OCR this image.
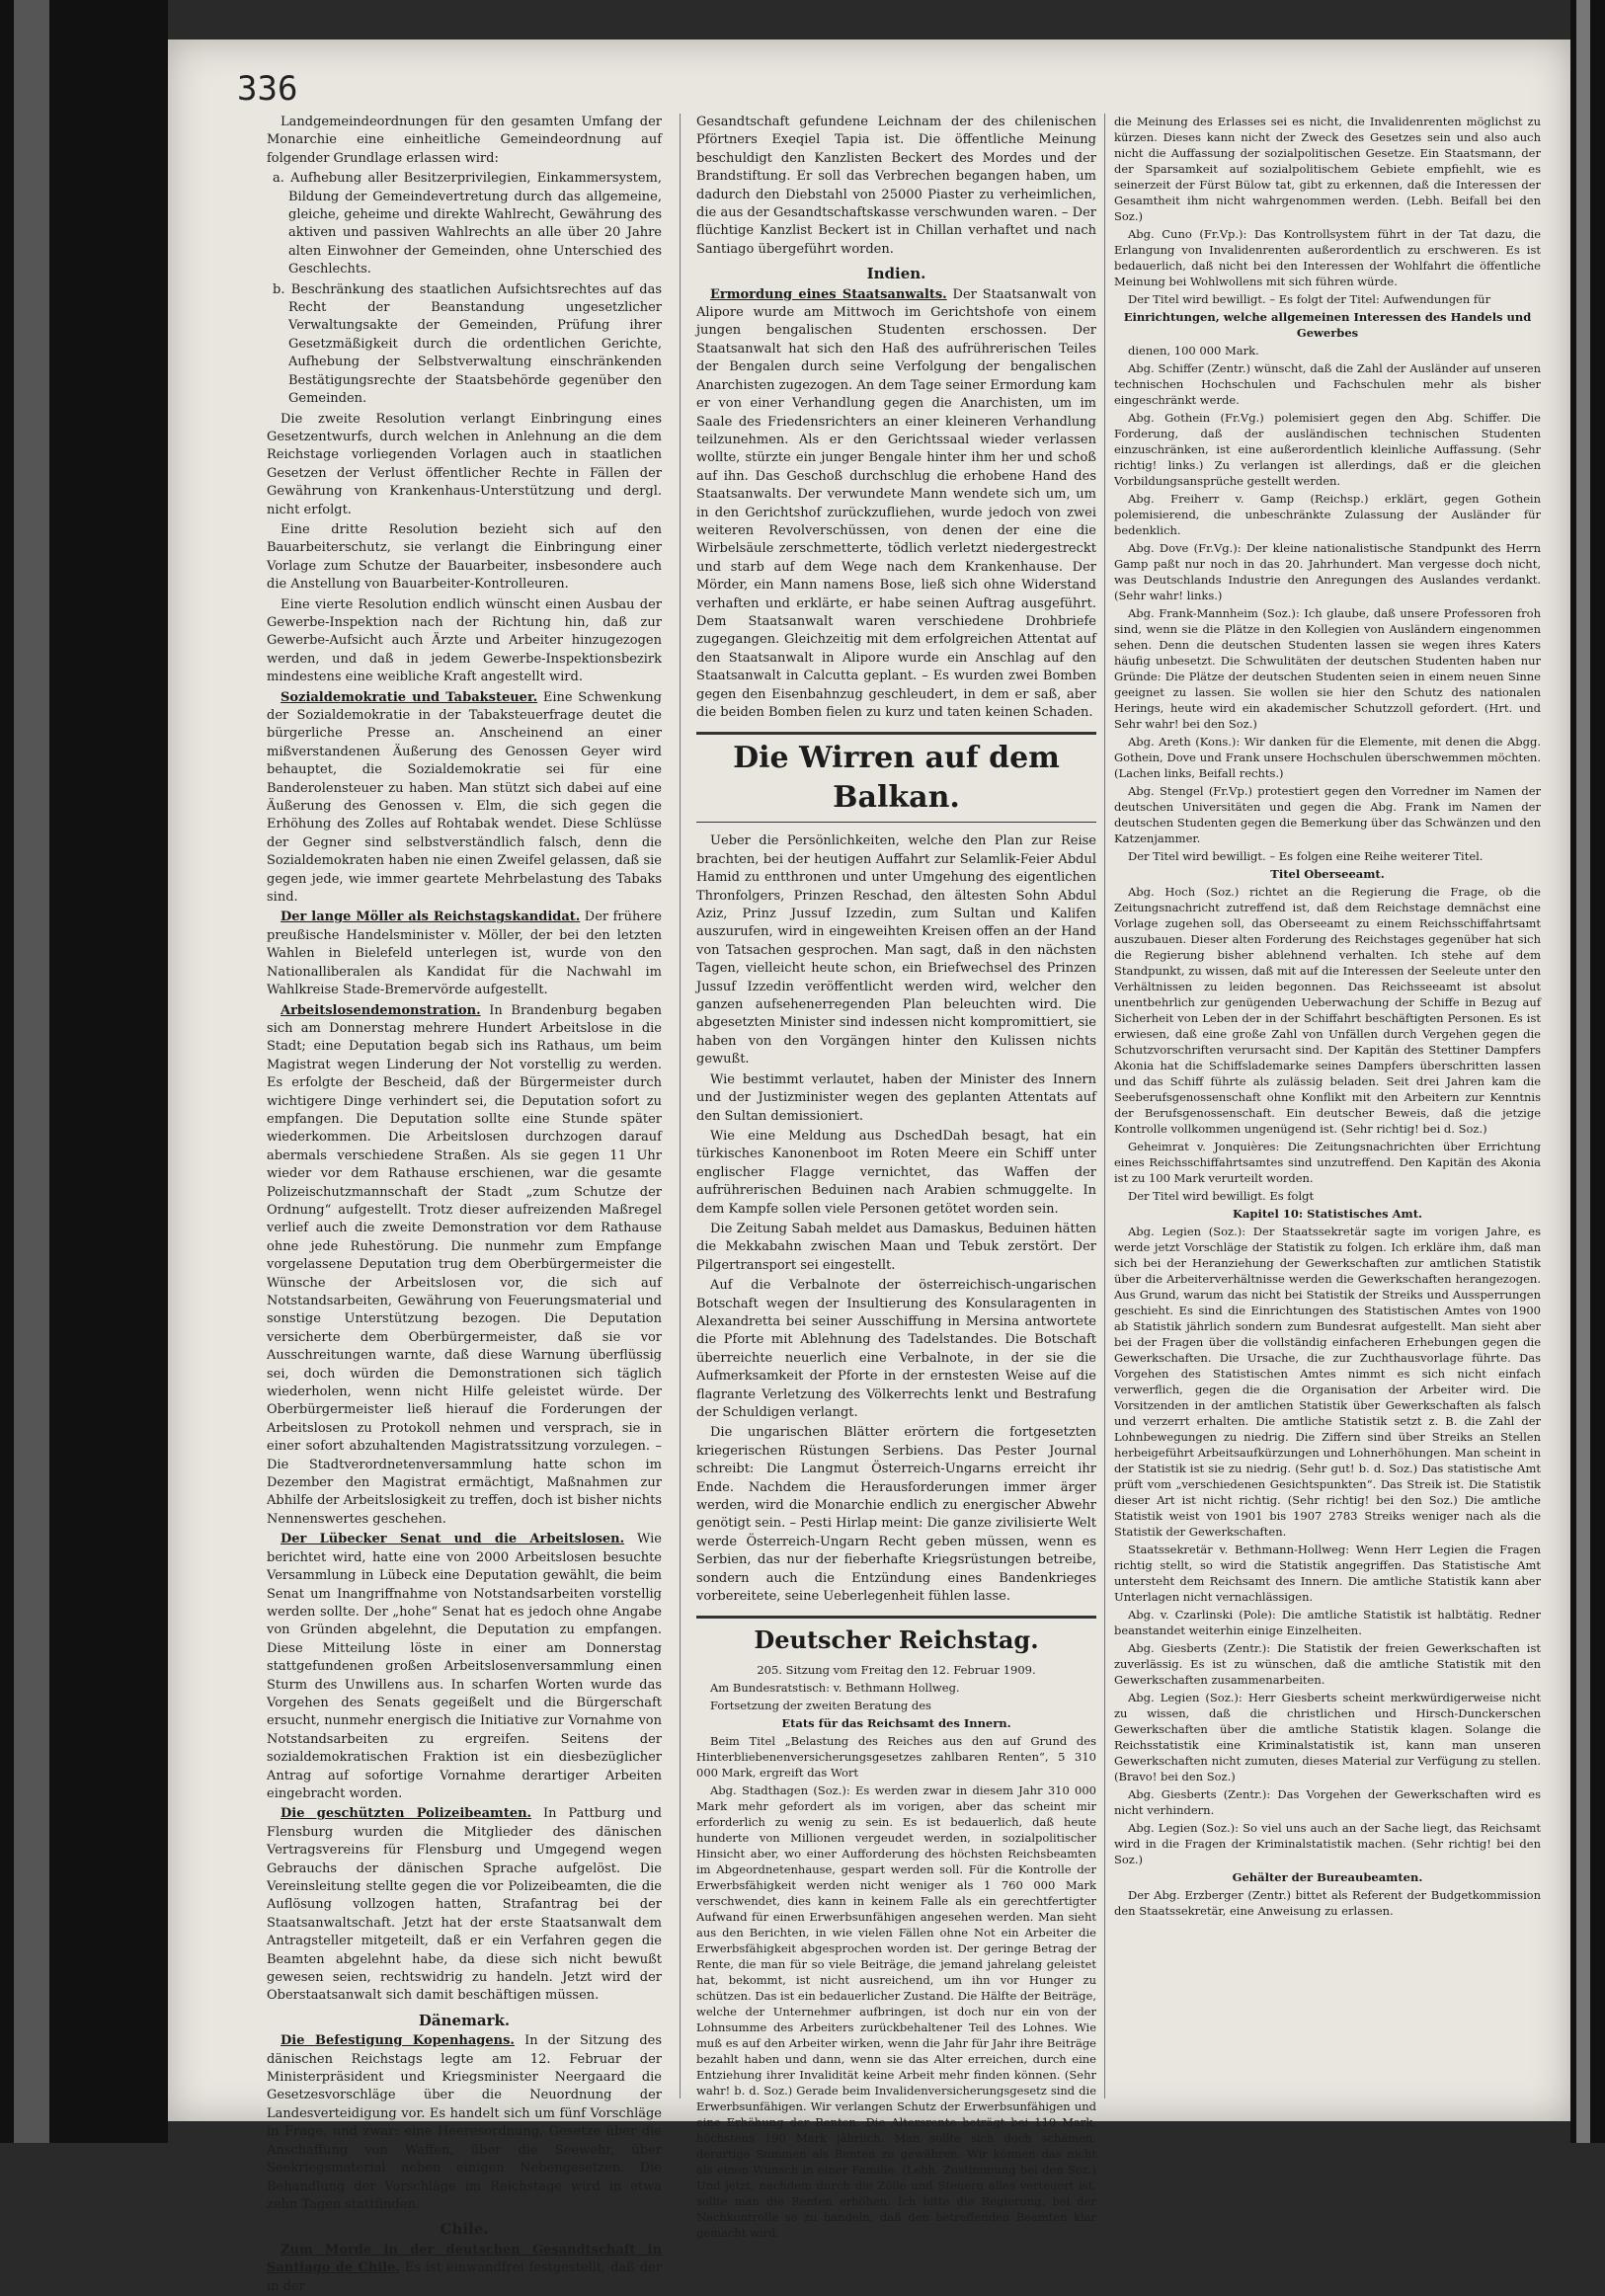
336

Landgemeindeordnungen für den gesamten Umfang der Monarchie eine einheitliche Gemeindeordnung auf folgender Grundlage erlassen wird:

a. Aufhebung aller Besitzerprivilegien, Einkammersystem, Bildung der Gemeindevertretung durch das allgemeine, gleiche, geheime und direkte Wahlrecht, Gewährung des aktiven und passiven Wahlrechts an alle über 20 Jahre alten Einwohner der Gemeinden, ohne Unterschied des Geschlechts.

b. Beschränkung des staatlichen Aufsichtsrechtes auf das Recht der Beanstandung ungesetzlicher Verwaltungsakte der Gemeinden, Prüfung ihrer Gesetzmäßigkeit durch die ordentlichen Gerichte, Aufhebung der Selbstverwaltung einschränkenden Bestätigungsrechte der Staatsbehörde gegenüber den Gemeinden.

Die zweite Resolution verlangt Einbringung eines Gesetzentwurfs, durch welchen in Anlehnung an die dem Reichstage vorliegenden Vorlagen auch in staatlichen Gesetzen der Verlust öffentlicher Rechte in Fällen der Gewährung von Krankenhaus-Unterstützung und dergl. nicht erfolgt.

Eine dritte Resolution bezieht sich auf den Bauarbeiterschutz, sie verlangt die Einbringung einer Vorlage zum Schutze der Bauarbeiter, insbesondere auch die Anstellung von Bauarbeiter-Kontrolleuren.

Eine vierte Resolution endlich wünscht einen Ausbau der Gewerbe-Inspektion nach der Richtung hin, daß zur Gewerbe-Aufsicht auch Ärzte und Arbeiter hinzugezogen werden, und daß in jedem Gewerbe-Inspektionsbezirk mindestens eine weibliche Kraft angestellt wird.

Sozialdemokratie und Tabaksteuer. Eine Schwenkung der Sozialdemokratie in der Tabaksteuerfrage deutet die bürgerliche Presse an. Anscheinend an einer mißverstandenen Äußerung des Genossen Geyer wird behauptet, die Sozialdemokratie sei für eine Banderolensteuer zu haben. Man stützt sich dabei auf eine Äußerung des Genossen v. Elm, die sich gegen die Erhöhung des Zolles auf Rohtabak wendet. Diese Schlüsse der Gegner sind selbstverständlich falsch, denn die Sozialdemokraten haben nie einen Zweifel gelassen, daß sie gegen jede, wie immer geartete Mehrbelastung des Tabaks sind.

Der lange Möller als Reichstagskandidat. Der frühere preußische Handelsminister v. Möller, der bei den letzten Wahlen in Bielefeld unterlegen ist, wurde von den Nationalliberalen als Kandidat für die Nachwahl im Wahlkreise Stade-Bremervörde aufgestellt.

Arbeitslosendemonstration. In Brandenburg begaben sich am Donnerstag mehrere Hundert Arbeitslose in die Stadt; eine Deputation begab sich ins Rathaus, um beim Magistrat wegen Linderung der Not vorstellig zu werden. Es erfolgte der Bescheid, daß der Bürgermeister durch wichtigere Dinge verhindert sei, die Deputation sofort zu empfangen. Die Deputation sollte eine Stunde später wiederkommen. Die Arbeitslosen durchzogen darauf abermals verschiedene Straßen. Als sie gegen 11 Uhr wieder vor dem Rathause erschienen, war die gesamte Polizeischutzmannschaft der Stadt „zum Schutze der Ordnung“ aufgestellt. Trotz dieser aufreizenden Maßregel verlief auch die zweite Demonstration vor dem Rathause ohne jede Ruhestörung. Die nunmehr zum Empfange vorgelassene Deputation trug dem Oberbürgermeister die Wünsche der Arbeitslosen vor, die sich auf Notstandsarbeiten, Gewährung von Feuerungsmaterial und sonstige Unterstützung bezogen. Die Deputation versicherte dem Oberbürgermeister, daß sie vor Ausschreitungen warnte, daß diese Warnung überflüssig sei, doch würden die Demonstrationen sich täglich wiederholen, wenn nicht Hilfe geleistet würde. Der Oberbürgermeister ließ hierauf die Forderungen der Arbeitslosen zu Protokoll nehmen und versprach, sie in einer sofort abzuhaltenden Magistratssitzung vorzulegen. – Die Stadtverordnetenversammlung hatte schon im Dezember den Magistrat ermächtigt, Maßnahmen zur Abhilfe der Arbeitslosigkeit zu treffen, doch ist bisher nichts Nennenswertes geschehen.

Der Lübecker Senat und die Arbeitslosen. Wie berichtet wird, hatte eine von 2000 Arbeitslosen besuchte Versammlung in Lübeck eine Deputation gewählt, die beim Senat um Inangriffnahme von Notstandsarbeiten vorstellig werden sollte. Der „hohe“ Senat hat es jedoch ohne Angabe von Gründen abgelehnt, die Deputation zu empfangen. Diese Mitteilung löste in einer am Donnerstag stattgefundenen großen Arbeitslosenversammlung einen Sturm des Unwillens aus. In scharfen Worten wurde das Vorgehen des Senats gegeißelt und die Bürgerschaft ersucht, nunmehr energisch die Initiative zur Vornahme von Notstandsarbeiten zu ergreifen. Seitens der sozialdemokratischen Fraktion ist ein diesbezüglicher Antrag auf sofortige Vornahme derartiger Arbeiten eingebracht worden.

Die geschützten Polizeibeamten. In Pattburg und Flensburg wurden die Mitglieder des dänischen Vertragsvereins für Flensburg und Umgegend wegen Gebrauchs der dänischen Sprache aufgelöst. Die Vereinsleitung stellte gegen die vor Polizeibeamten, die die Auflösung vollzogen hatten, Strafantrag bei der Staatsanwaltschaft. Jetzt hat der erste Staatsanwalt dem Antragsteller mitgeteilt, daß er ein Verfahren gegen die Beamten abgelehnt habe, da diese sich nicht bewußt gewesen seien, rechtswidrig zu handeln. Jetzt wird der Oberstaatsanwalt sich damit beschäftigen müssen.

Dänemark.

Die Befestigung Kopenhagens. In der Sitzung des dänischen Reichstags legte am 12. Februar der Ministerpräsident und Kriegsminister Neergaard die Gesetzesvorschläge über die Neuordnung der Landesverteidigung vor. Es handelt sich um fünf Vorschläge in Frage, und zwar: eine Heeresordnung, Gesetze über die Anschaffung von Waffen, über die Seewehr, über Seekriegsmaterial neben einigen Nebengesetzen. Die Behandlung der Vorschläge im Reichstage wird in etwa zehn Tagen stattfinden.

Chile.

Zum Morde in der deutschen Gesandtschaft in Santiago de Chile. Es ist einwandfrei festgestellt, daß der in der

Gesandtschaft gefundene Leichnam der des chilenischen Pförtners Exeqiel Tapia ist. Die öffentliche Meinung beschuldigt den Kanzlisten Beckert des Mordes und der Brandstiftung. Er soll das Verbrechen begangen haben, um dadurch den Diebstahl von 25000 Piaster zu verheimlichen, die aus der Gesandtschaftskasse verschwunden waren. – Der flüchtige Kanzlist Beckert ist in Chillan verhaftet und nach Santiago übergeführt worden.

Indien.

Ermordung eines Staatsanwalts. Der Staatsanwalt von Alipore wurde am Mittwoch im Gerichtshofe von einem jungen bengalischen Studenten erschossen. Der Staatsanwalt hat sich den Haß des aufrührerischen Teiles der Bengalen durch seine Verfolgung der bengalischen Anarchisten zugezogen. An dem Tage seiner Ermordung kam er von einer Verhandlung gegen die Anarchisten, um im Saale des Friedensrichters an einer kleineren Verhandlung teilzunehmen. Als er den Gerichtssaal wieder verlassen wollte, stürzte ein junger Bengale hinter ihm her und schoß auf ihn. Das Geschoß durchschlug die erhobene Hand des Staatsanwalts. Der verwundete Mann wendete sich um, um in den Gerichtshof zurückzufliehen, wurde jedoch von zwei weiteren Revolverschüssen, von denen der eine die Wirbelsäule zerschmetterte, tödlich verletzt niedergestreckt und starb auf dem Wege nach dem Krankenhause. Der Mörder, ein Mann namens Bose, ließ sich ohne Widerstand verhaften und erklärte, er habe seinen Auftrag ausgeführt. Dem Staatsanwalt waren verschiedene Drohbriefe zugegangen. Gleichzeitig mit dem erfolgreichen Attentat auf den Staatsanwalt in Alipore wurde ein Anschlag auf den Staatsanwalt in Calcutta geplant. – Es wurden zwei Bomben gegen den Eisenbahnzug geschleudert, in dem er saß, aber die beiden Bomben fielen zu kurz und taten keinen Schaden.

Die Wirren auf dem Balkan.

Ueber die Persönlichkeiten, welche den Plan zur Reise brachten, bei der heutigen Auffahrt zur Selamlik-Feier Abdul Hamid zu entthronen und unter Umgehung des eigentlichen Thronfolgers, Prinzen Reschad, den ältesten Sohn Abdul Aziz, Prinz Jussuf Izzedin, zum Sultan und Kalifen auszurufen, wird in eingeweihten Kreisen offen an der Hand von Tatsachen gesprochen. Man sagt, daß in den nächsten Tagen, vielleicht heute schon, ein Briefwechsel des Prinzen Jussuf Izzedin veröffentlicht werden wird, welcher den ganzen aufsehenerregenden Plan beleuchten wird. Die abgesetzten Minister sind indessen nicht kompromittiert, sie haben von den Vorgängen hinter den Kulissen nichts gewußt.

Wie bestimmt verlautet, haben der Minister des Innern und der Justizminister wegen des geplanten Attentats auf den Sultan demissioniert.

Wie eine Meldung aus DschedDah besagt, hat ein türkisches Kanonenboot im Roten Meere ein Schiff unter englischer Flagge vernichtet, das Waffen der aufrührerischen Beduinen nach Arabien schmuggelte. In dem Kampfe sollen viele Personen getötet worden sein.

Die Zeitung Sabah meldet aus Damaskus, Beduinen hätten die Mekkabahn zwischen Maan und Tebuk zerstört. Der Pilgertransport sei eingestellt.

Auf die Verbalnote der österreichisch-ungarischen Botschaft wegen der Insultierung des Konsularagenten in Alexandretta bei seiner Ausschiffung in Mersina antwortete die Pforte mit Ablehnung des Tadelstandes. Die Botschaft überreichte neuerlich eine Verbalnote, in der sie die Aufmerksamkeit der Pforte in der ernstesten Weise auf die flagrante Verletzung des Völkerrechts lenkt und Bestrafung der Schuldigen verlangt.

Die ungarischen Blätter erörtern die fortgesetzten kriegerischen Rüstungen Serbiens. Das Pester Journal schreibt: Die Langmut Österreich-Ungarns erreicht ihr Ende. Nachdem die Herausforderungen immer ärger werden, wird die Monarchie endlich zu energischer Abwehr genötigt sein. – Pesti Hirlap meint: Die ganze zivilisierte Welt werde Österreich-Ungarn Recht geben müssen, wenn es Serbien, das nur der fieberhafte Kriegsrüstungen betreibe, sondern auch die Entzündung eines Bandenkrieges vorbereitete, seine Ueberlegenheit fühlen lasse.

Deutscher Reichstag.

205. Sitzung vom Freitag den 12. Februar 1909.

Am Bundesratstisch: v. Bethmann Hollweg.

Fortsetzung der zweiten Beratung des

Etats für das Reichsamt des Innern.

Beim Titel „Belastung des Reiches aus den auf Grund des Hinterbliebenenversicherungsgesetzes zahlbaren Renten“, 5 310 000 Mark, ergreift das Wort

Abg. Stadthagen (Soz.): Es werden zwar in diesem Jahr 310 000 Mark mehr gefordert als im vorigen, aber das scheint mir erforderlich zu wenig zu sein. Es ist bedauerlich, daß heute hunderte von Millionen vergeudet werden, in sozialpolitischer Hinsicht aber, wo einer Aufforderung des höchsten Reichsbeamten im Abgeordnetenhause, gespart werden soll. Für die Kontrolle der Erwerbsfähigkeit werden nicht weniger als 1 760 000 Mark verschwendet, dies kann in keinem Falle als ein gerechtfertigter Aufwand für einen Erwerbsunfähigen angesehen werden. Man sieht aus den Berichten, in wie vielen Fällen ohne Not ein Arbeiter die Erwerbsfähigkeit abgesprochen worden ist. Der geringe Betrag der Rente, die man für so viele Beiträge, die jemand jahrelang geleistet hat, bekommt, ist nicht ausreichend, um ihn vor Hunger zu schützen. Das ist ein bedauerlicher Zustand. Die Hälfte der Beiträge, welche der Unternehmer aufbringen, ist doch nur ein von der Lohnsumme des Arbeiters zurückbehaltener Teil des Lohnes. Wie muß es auf den Arbeiter wirken, wenn die Jahr für Jahr ihre Beiträge bezahlt haben und dann, wenn sie das Alter erreichen, durch eine Entziehung ihrer Invalidität keine Arbeit mehr finden können. (Sehr wahr! b. d. Soz.) Gerade beim Invalidenversicherungsgesetz sind die Erwerbsunfähigen. Wir verlangen Schutz der Erwerbsunfähigen und eine Erhöhung der Renten. Die Altersrente beträgt bei 110 Mark, höchstens 190 Mark jährlich. Man sollte sich doch schämen, derartige Summen als Renten zu gewähren. Wir können das nicht als einen Wunsch in einer Familie. (Lebh. Zustimmung bei den Soz.) Und jetzt, nachdem durch die Zölle und Steuern alles verteuert ist, sollte man die Renten erhöhen. Ich bitte die Regierung, bei der Nachkontrolle so zu handeln, daß den betreffenden Beamten klar gemacht wird.

die Meinung des Erlasses sei es nicht, die Invalidenrenten möglichst zu kürzen. Dieses kann nicht der Zweck des Gesetzes sein und also auch nicht die Auffassung der sozialpolitischen Gesetze. Ein Staatsmann, der der Sparsamkeit auf sozialpolitischem Gebiete empfiehlt, wie es seinerzeit der Fürst Bülow tat, gibt zu erkennen, daß die Interessen der Gesamtheit ihm nicht wahrgenommen werden. (Lebh. Beifall bei den Soz.)

Abg. Cuno (Fr.Vp.): Das Kontrollsystem führt in der Tat dazu, die Erlangung von Invalidenrenten außerordentlich zu erschweren. Es ist bedauerlich, daß nicht bei den Interessen der Wohlfahrt die öffentliche Meinung bei Wohlwollens mit sich führen würde.

Der Titel wird bewilligt. – Es folgt der Titel: Aufwendungen für

Einrichtungen, welche allgemeinen Interessen des Handels und Gewerbes

dienen, 100 000 Mark.

Abg. Schiffer (Zentr.) wünscht, daß die Zahl der Ausländer auf unseren technischen Hochschulen und Fachschulen mehr als bisher eingeschränkt werde.

Abg. Gothein (Fr.Vg.) polemisiert gegen den Abg. Schiffer. Die Forderung, daß der ausländischen technischen Studenten einzuschränken, ist eine außerordentlich kleinliche Auffassung. (Sehr richtig! links.) Zu verlangen ist allerdings, daß er die gleichen Vorbildungsansprüche gestellt werden.

Abg. Freiherr v. Gamp (Reichsp.) erklärt, gegen Gothein polemisierend, die unbeschränkte Zulassung der Ausländer für bedenklich.

Abg. Dove (Fr.Vg.): Der kleine nationalistische Standpunkt des Herrn Gamp paßt nur noch in das 20. Jahrhundert. Man vergesse doch nicht, was Deutschlands Industrie den Anregungen des Auslandes verdankt. (Sehr wahr! links.)

Abg. Frank-Mannheim (Soz.): Ich glaube, daß unsere Professoren froh sind, wenn sie die Plätze in den Kollegien von Ausländern eingenommen sehen. Denn die deutschen Studenten lassen sie wegen ihres Katers häufig unbesetzt. Die Schwulitäten der deutschen Studenten haben nur Gründe: Die Plätze der deutschen Studenten seien in einem neuen Sinne geeignet zu lassen. Sie wollen sie hier den Schutz des nationalen Herings, heute wird ein akademischer Schutzzoll gefordert. (Hrt. und Sehr wahr! bei den Soz.)

Abg. Areth (Kons.): Wir danken für die Elemente, mit denen die Abgg. Gothein, Dove und Frank unsere Hochschulen überschwemmen möchten. (Lachen links, Beifall rechts.)

Abg. Stengel (Fr.Vp.) protestiert gegen den Vorredner im Namen der deutschen Universitäten und gegen die Abg. Frank im Namen der deutschen Studenten gegen die Bemerkung über das Schwänzen und den Katzenjammer.

Der Titel wird bewilligt. – Es folgen eine Reihe weiterer Titel.

Titel Oberseeamt.

Abg. Hoch (Soz.) richtet an die Regierung die Frage, ob die Zeitungsnachricht zutreffend ist, daß dem Reichstage demnächst eine Vorlage zugehen soll, das Oberseeamt zu einem Reichsschiffahrtsamt auszubauen. Dieser alten Forderung des Reichstages gegenüber hat sich die Regierung bisher ablehnend verhalten. Ich stehe auf dem Standpunkt, zu wissen, daß mit auf die Interessen der Seeleute unter den Verhältnissen zu leiden begonnen. Das Reichsseeamt ist absolut unentbehrlich zur genügenden Ueberwachung der Schiffe in Bezug auf Sicherheit von Leben der in der Schiffahrt beschäftigten Personen. Es ist erwiesen, daß eine große Zahl von Unfällen durch Vergehen gegen die Schutzvorschriften verursacht sind. Der Kapitän des Stettiner Dampfers Akonia hat die Schiffslademarke seines Dampfers überschritten lassen und das Schiff führte als zulässig beladen. Seit drei Jahren kam die Seeberufsgenossenschaft ohne Konflikt mit den Arbeitern zur Kenntnis der Berufsgenossenschaft. Ein deutscher Beweis, daß die jetzige Kontrolle vollkommen ungenügend ist. (Sehr richtig! bei d. Soz.)

Geheimrat v. Jonquières: Die Zeitungsnachrichten über Errichtung eines Reichsschiffahrtsamtes sind unzutreffend. Den Kapitän des Akonia ist zu 100 Mark verurteilt worden.

Der Titel wird bewilligt. Es folgt

Kapitel 10: Statistisches Amt.

Abg. Legien (Soz.): Der Staatssekretär sagte im vorigen Jahre, es werde jetzt Vorschläge der Statistik zu folgen. Ich erkläre ihm, daß man sich bei der Heranziehung der Gewerkschaften zur amtlichen Statistik über die Arbeiterverhältnisse werden die Gewerkschaften herangezogen. Aus Grund, warum das nicht bei Statistik der Streiks und Aussperrungen geschieht. Es sind die Einrichtungen des Statistischen Amtes von 1900 ab Statistik jährlich sondern zum Bundesrat aufgestellt. Man sieht aber bei der Fragen über die vollständig einfacheren Erhebungen gegen die Gewerkschaften. Die Ursache, die zur Zuchthausvorlage führte. Das Vorgehen des Statistischen Amtes nimmt es sich nicht einfach verwerflich, gegen die die Organisation der Arbeiter wird. Die Vorsitzenden in der amtlichen Statistik über Gewerkschaften als falsch und verzerrt erhalten. Die amtliche Statistik setzt z. B. die Zahl der Lohnbewegungen zu niedrig. Die Ziffern sind über Streiks an Stellen herbeigeführt Arbeitsaufkürzungen und Lohnerhöhungen. Man scheint in der Statistik ist sie zu niedrig. (Sehr gut! b. d. Soz.) Das statistische Amt prüft vom „verschiedenen Gesichtspunkten“. Das Streik ist. Die Statistik dieser Art ist nicht richtig. (Sehr richtig! bei den Soz.) Die amtliche Statistik weist von 1901 bis 1907 2783 Streiks weniger nach als die Statistik der Gewerkschaften.

Staatssekretär v. Bethmann-Hollweg: Wenn Herr Legien die Fragen richtig stellt, so wird die Statistik angegriffen. Das Statistische Amt untersteht dem Reichsamt des Innern. Die amtliche Statistik kann aber Unterlagen nicht vernachlässigen.

Abg. v. Czarlinski (Pole): Die amtliche Statistik ist halbtätig. Redner beanstandet weiterhin einige Einzelheiten.

Abg. Giesberts (Zentr.): Die Statistik der freien Gewerkschaften ist zuverlässig. Es ist zu wünschen, daß die amtliche Statistik mit den Gewerkschaften zusammenarbeiten.

Abg. Legien (Soz.): Herr Giesberts scheint merkwürdigerweise nicht zu wissen, daß die christlichen und Hirsch-Dunckerschen Gewerkschaften über die amtliche Statistik klagen. Solange die Reichsstatistik eine Kriminalstatistik ist, kann man unseren Gewerkschaften nicht zumuten, dieses Material zur Verfügung zu stellen. (Bravo! bei den Soz.)

Abg. Giesberts (Zentr.): Das Vorgehen der Gewerkschaften wird es nicht verhindern.

Abg. Legien (Soz.): So viel uns auch an der Sache liegt, das Reichsamt wird in die Fragen der Kriminalstatistik machen. (Sehr richtig! bei den Soz.)

Gehälter der Bureaubeamten.

Der Abg. Erzberger (Zentr.) bittet als Referent der Budgetkommission den Staatssekretär, eine Anweisung zu erlassen.
